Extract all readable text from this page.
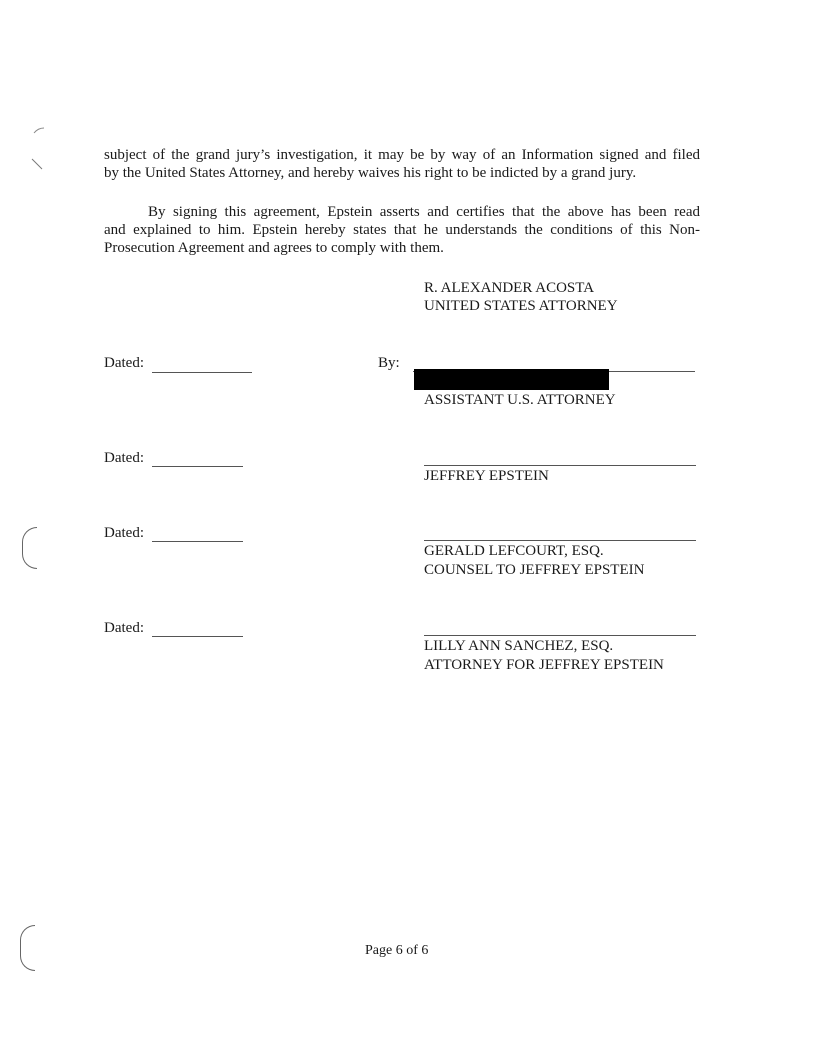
subject of the grand jury’s investigation, it may be by way of an Information signed and filed
by the United States Attorney, and hereby waives his right to be indicted by a grand jury.
By signing this agreement, Epstein asserts and certifies that the above has been read
and explained to him. Epstein hereby states that he understands the conditions of this Non-
Prosecution Agreement and agrees to comply with them.
R. ALEXANDER ACOSTA
UNITED STATES ATTORNEY
Dated:	By:
ASSISTANT U.S. ATTORNEY
Dated:
JEFFREY EPSTEIN
Dated:
GERALD LEFCOURT, ESQ.
COUNSEL TO JEFFREY EPSTEIN
Dated:
LILLY ANN SANCHEZ, ESQ.
ATTORNEY FOR JEFFREY EPSTEIN
Page 6 of 6
